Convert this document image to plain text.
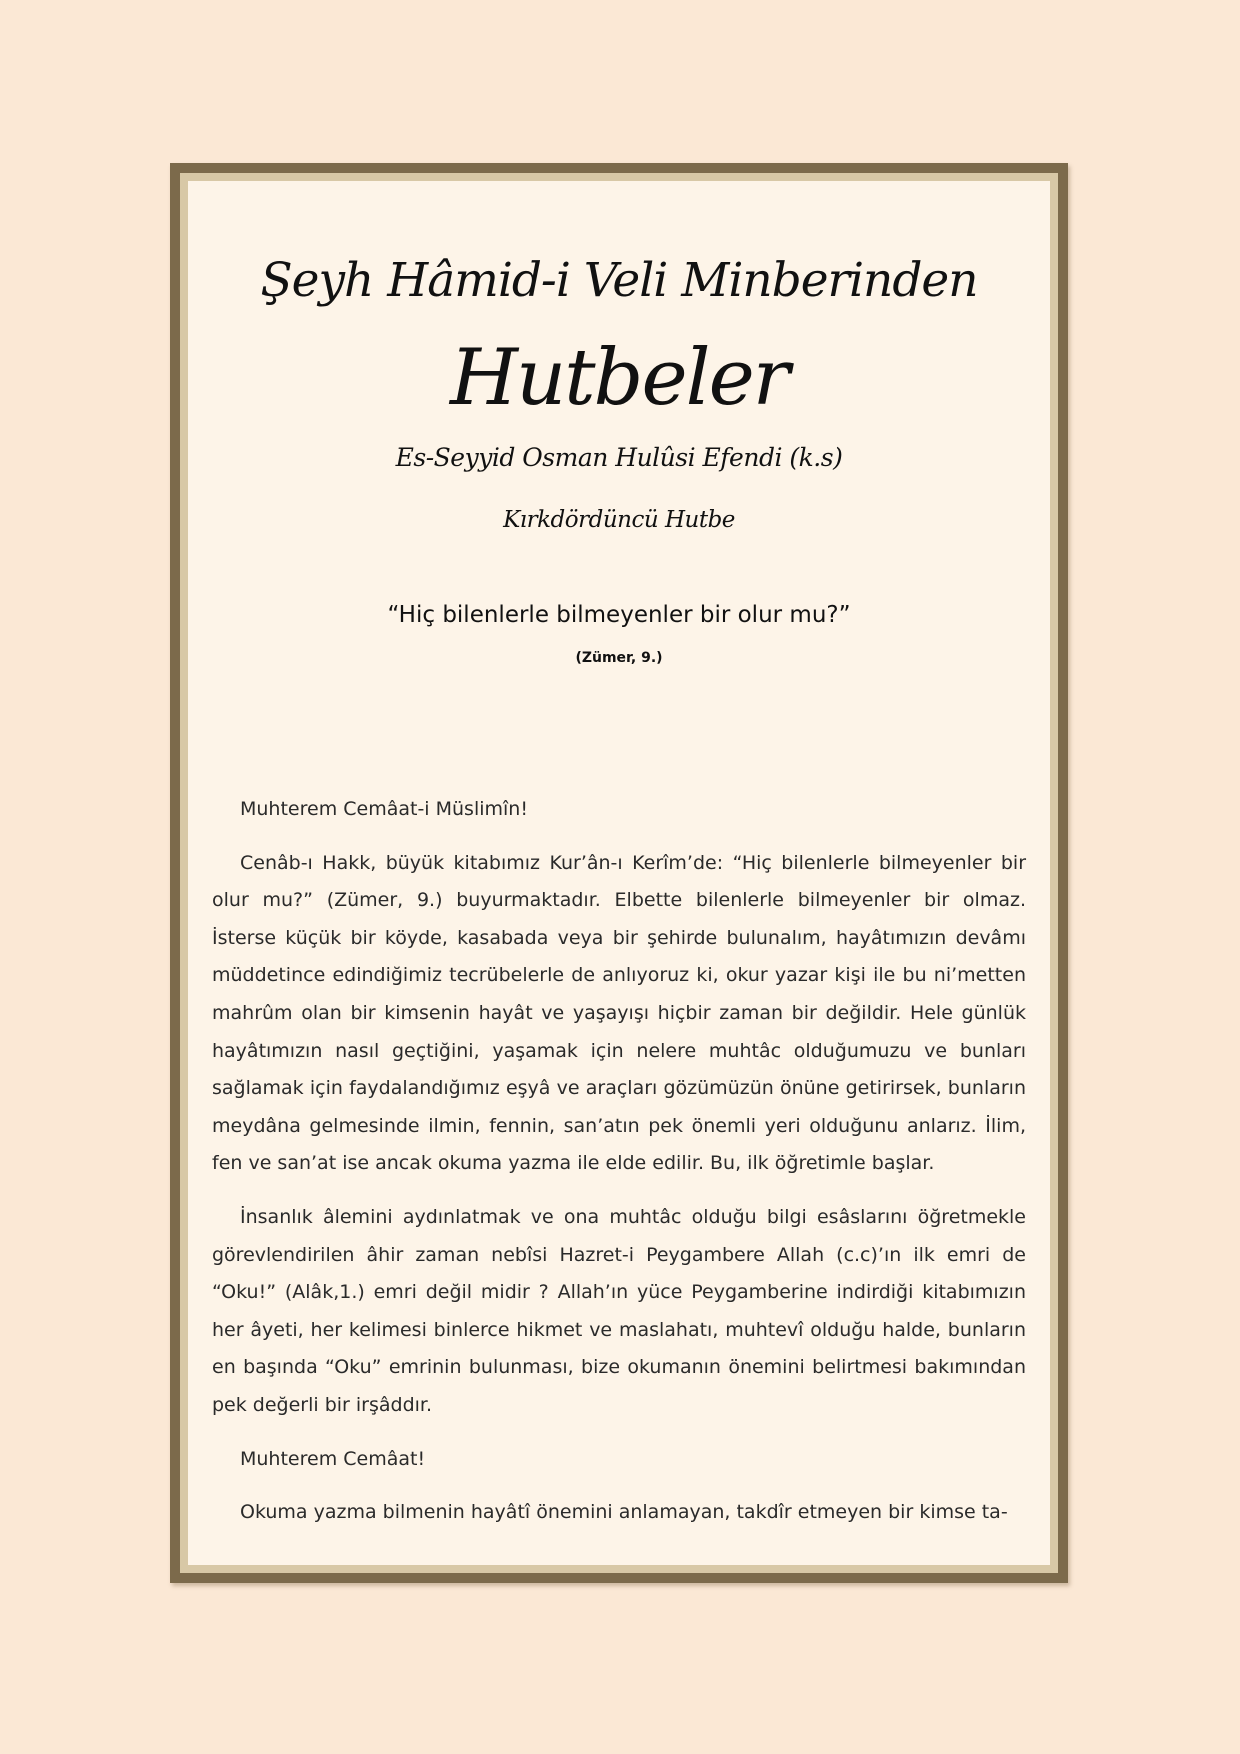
Şeyh Hâmid-i Veli Minberinden
Hutbeler
Es-Seyyid Osman Hulûsi Efendi (k.s)
Kırkdördüncü Hutbe
“Hiç bilenlerle bilmeyenler bir olur mu?”
(Zümer, 9.)

Muhterem Cemâat-i Müslimîn!

Cenâb-ı Hakk, büyük kitabımız Kur’ân-ı Kerîm’de: “Hiç bilenlerle bilmeyenler bir olur mu?” (Zümer, 9.) buyurmaktadır. Elbette bilenlerle bilmeyenler bir olmaz. İsterse küçük bir köyde, kasabada veya bir şehirde bulunalım, hayâtımızın devâmı müddetince edindiğimiz tecrübelerle de anlıyoruz ki, okur yazar kişi ile bu ni’metten mahrûm olan bir kimsenin hayât ve yaşayışı hiçbir zaman bir değildir. Hele günlük hayâtımızın nasıl geçtiğini, yaşamak için nelere muhtâc olduğumuzu ve bunları sağlamak için faydalandığımız eşyâ ve araçları gözümüzün önüne getirirsek, bunların meydâna gelmesinde ilmin, fennin, san’atın pek önemli yeri olduğunu anlarız. İlim, fen ve san’at ise ancak okuma yazma ile elde edilir. Bu, ilk öğretimle başlar.

İnsanlık âlemini aydınlatmak ve ona muhtâc olduğu bilgi esâslarını öğretmekle görevlendirilen âhir zaman nebîsi Hazret-i Peygambere Allah (c.c)’ın ilk emri de “Oku!” (Alâk,1.) emri değil midir ? Allah’ın yüce Peygamberine indirdiği kitabımızın her âyeti, her kelimesi binlerce hikmet ve maslahatı, muhtevî olduğu halde, bunların en başında “Oku” emrinin bulunması, bize okumanın önemini belirtmesi bakımından pek değerli bir irşâddır.

Muhterem Cemâat!

Okuma yazma bilmenin hayâtî önemini anlamayan, takdîr etmeyen bir kimse ta-
